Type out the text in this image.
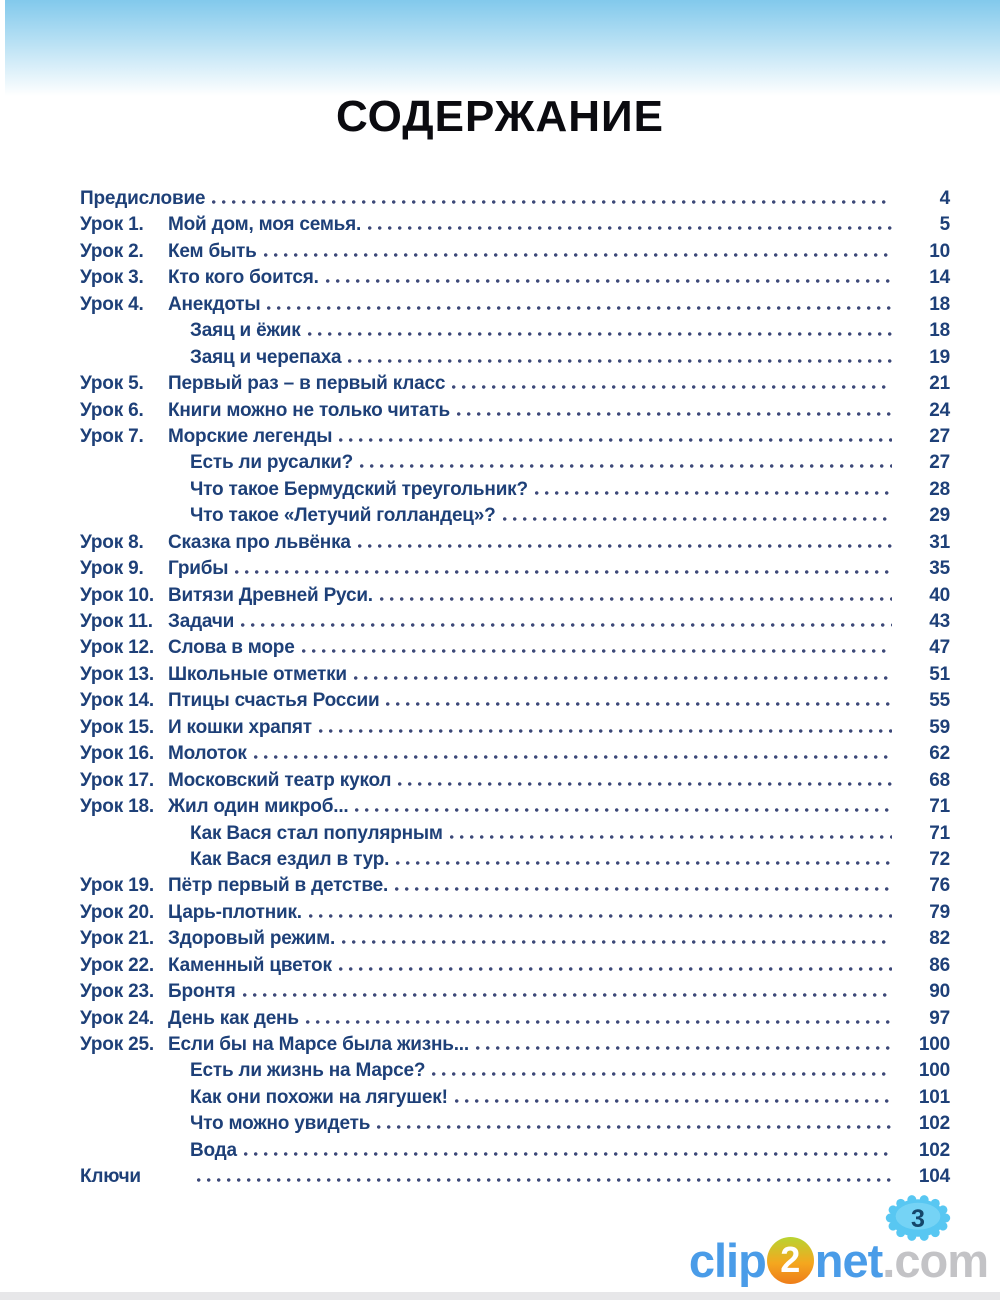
СОДЕРЖАНИЕ
Предисловие	4
Урок 1.	Мой дом, моя семья.	5
Урок 2.	Кем быть	10
Урок 3.	Кто кого боится.	14
Урок 4.	Анекдоты	18
Заяц и ёжик	18
Заяц и черепаха	19
Урок 5.	Первый раз – в первый класс	21
Урок 6.	Книги можно не только читать	24
Урок 7.	Морские легенды	27
Есть ли русалки?	27
Что такое Бермудский треугольник?	28
Что такое «Летучий голландец»?	29
Урок 8.	Сказка про львёнка	31
Урок 9.	Грибы	35
Урок 10. Витязи Древней Руси.	40
Урок 11. Задачи	43
Урок 12. Слова в море	47
Урок 13. Школьные отметки	51
Урок 14. Птицы счастья России	55
Урок 15. И кошки храпят	59
Урок 16. Молоток	62
Урок 17. Московский театр кукол	68
Урок 18. Жил один микроб...	71
Как Вася стал популярным	71
Как Вася ездил в тур.	72
Урок 19. Пётр первый в детстве.	76
Урок 20. Царь-плотник.	79
Урок 21. Здоровый режим.	82
Урок 22. Каменный цветок	86
Урок 23. Бронтя	90
Урок 24. День как день	97
Урок 25. Если бы на Марсе была жизнь...	100
Есть ли жизнь на Марсе?	100
Как они похожи на лягушек!	101
Что можно увидеть	102
Вода	102
Ключи	104
3
clip 2 net .com
